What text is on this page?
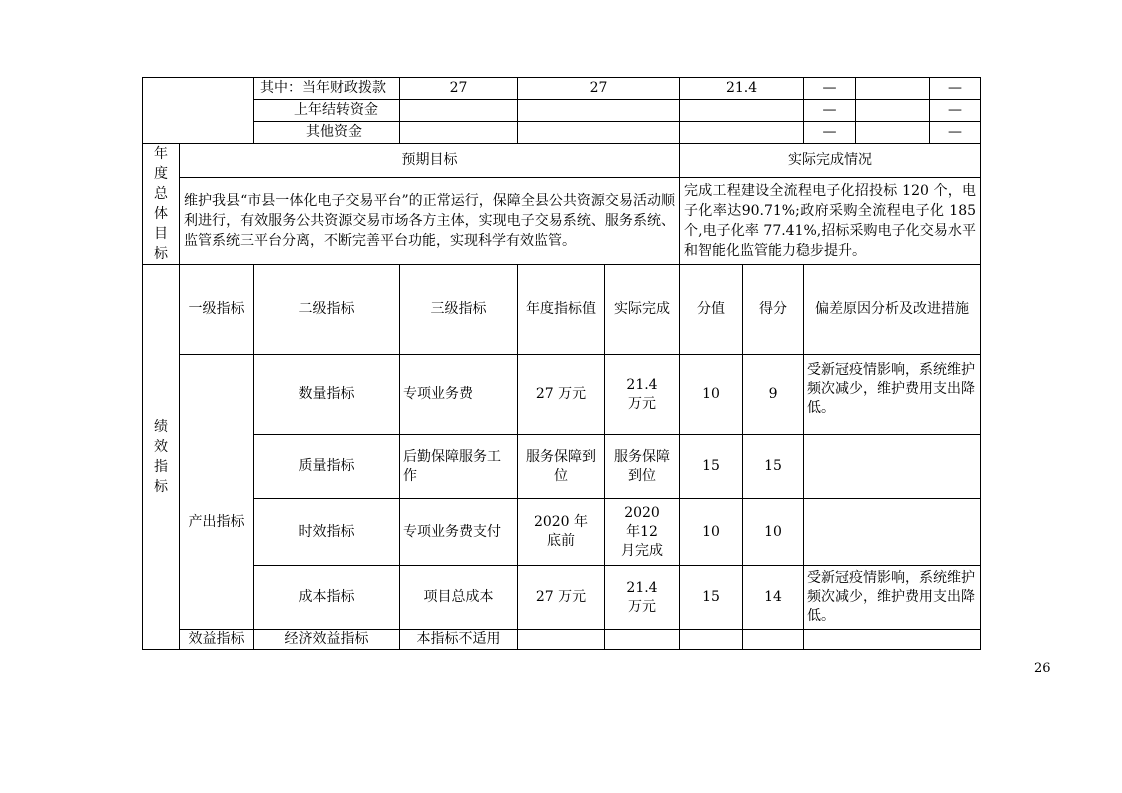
		其中：当年财政拨款	27	27		21.4		—		—
		上年结转资金						—		—
		其他资金						—		—
年度总体目标	预期目标					实际完成情况				
	维护我县“市县一体化电子交易平台”的正常运行，保障全县公共资源交易活动顺利进行，有效服务公共资源交易市场各方主体，实现电子交易系统、服务系统、监管系统三平台分离，不断完善平台功能，实现科学有效监管。					完成工程建设全流程电子化招投标 120 个，电子化率达90.71%;政府采购全流程电子化 185 个,电子化率 77.41%,招标采购电子化交易水平和智能化监管能力稳步提升。				
绩效指标	一级指标	二级指标	三级指标	年度指标值	实际完成	分值	得分	偏差原因分析及改进措施		
	产出指标	数量指标	专项业务费	27 万元	21.4 万元	10	9	受新冠疫情影响，系统维护频次减少，维护费用支出降低。		
		质量指标	后勤保障服务工作	服务保障到位	服务保障到位	15	15			
		时效指标	专项业务费支付	2020 年底前	2020 年12 月完成	10	10			
		成本指标	项目总成本	27 万元	21.4 万元	15	14	受新冠疫情影响，系统维护频次减少，维护费用支出降低。		
	效益指标	经济效益指标	本指标不适用							
26
